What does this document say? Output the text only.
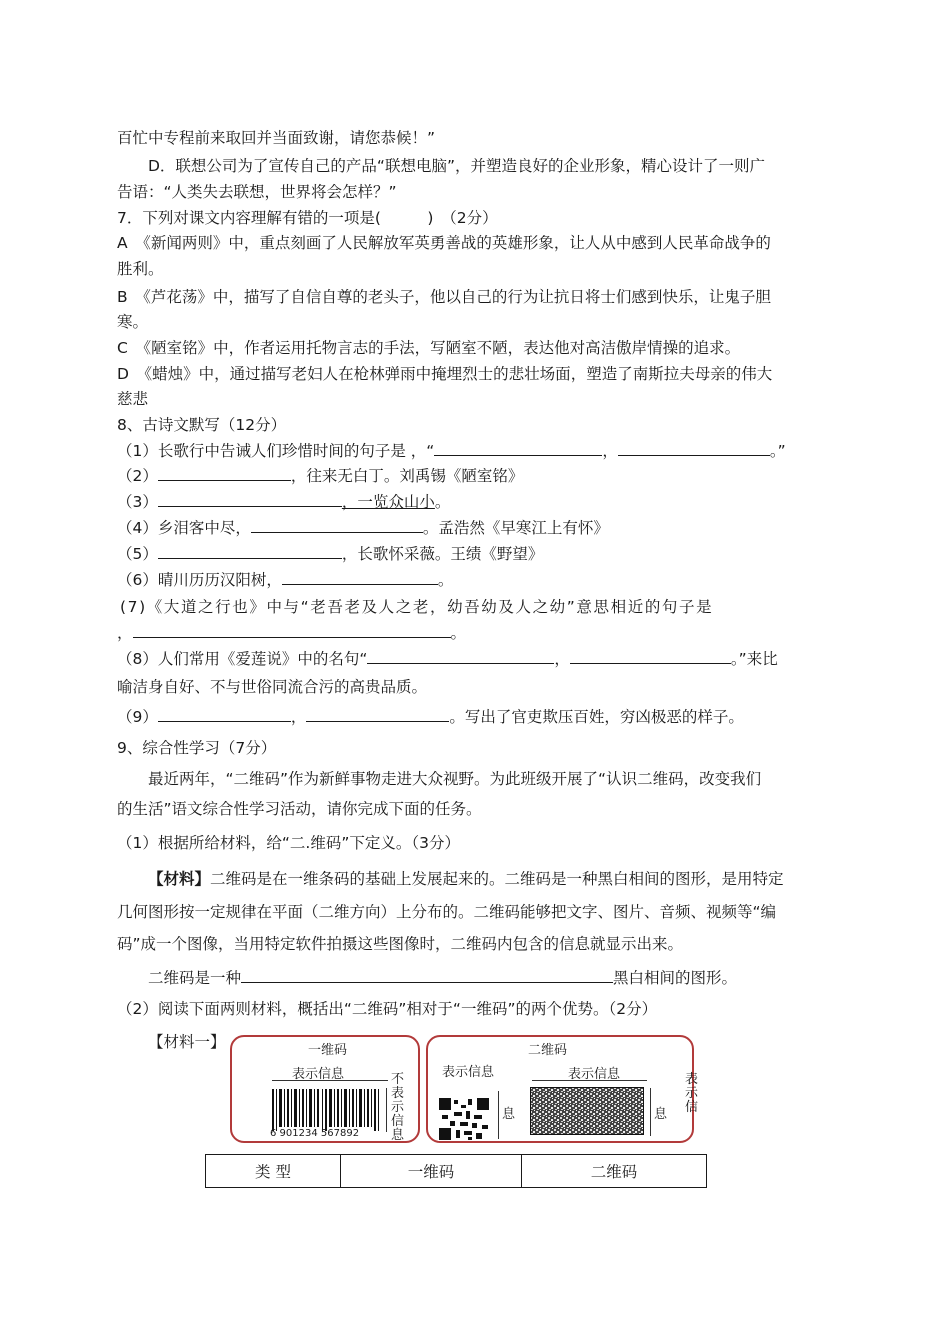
百忙中专程前来取回并当面致谢，请您恭候！”
D．联想公司为了宣传自己的产品“联想电脑”，并塑造良好的企业形象，精心设计了一则广
告语：“人类失去联想，世界将会怎样？”
7．下列对课文内容理解有错的一项是(　　　)　（2分）
A　《新闻两则》中，重点刻画了人民解放军英勇善战的英雄形象，让人从中感到人民革命战争的
胜利。
B　《芦花荡》中，描写了自信自尊的老头子，他以自己的行为让抗日将士们感到快乐，让鬼子胆
寒。
C　《陋室铭》中，作者运用托物言志的手法，写陋室不陋，表达他对高洁傲岸情操的追求。
D　《蜡烛》中，通过描写老妇人在枪林弹雨中掩埋烈士的悲壮场面，塑造了南斯拉夫母亲的伟大
慈悲
8、古诗文默写（12分）
（1）长歌行中告诫人们珍惜时间的句子是 ，“	，	。”
（2）	，往来无白丁。刘禹锡《陋室铭》
（3）	，一览众山小。
（4）乡泪客中尽，	。孟浩然《早寒江上有怀》
（5）	，长歌怀采薇。王绩《野望》
（6）晴川历历汉阳树，	。
(7)《大道之行也》中与“老吾老及人之老，幼吾幼及人之幼”意思相近的句子是
，	。
（8）人们常用《爱莲说》中的名句“	，	。”来比
喻洁身自好、不与世俗同流合污的高贵品质。
（9）	，	。写出了官吏欺压百姓，穷凶极恶的样子。
9、综合性学习（7分）
最近两年，“二维码”作为新鲜事物走进大众视野。为此班级开展了“认识二维码，改变我们
的生活”语文综合性学习活动，请你完成下面的任务。
（1）根据所给材料，给“二.维码”下定义。（3分）
【材料】二维码是在一维条码的基础上发展起来的。二维码是一种黑白相间的图形，是用特定
几何图形按一定规律在平面（二维方向）上分布的。二维码能够把文字、图片、音频、视频等“编
码”成一个图像，当用特定软件拍摄这些图像时，二维码内包含的信息就显示出来。
二维码是一种	黑白相间的图形。
（2）阅读下面两则材料，概括出“二维码”相对于“一维码”的两个优势。（2分）
【材料一】	一维码
表示信息
6 901234 567892
不表示信息
二维码
表示信息
息
表示信息
息
表示信
类 型	一维码	二维码
